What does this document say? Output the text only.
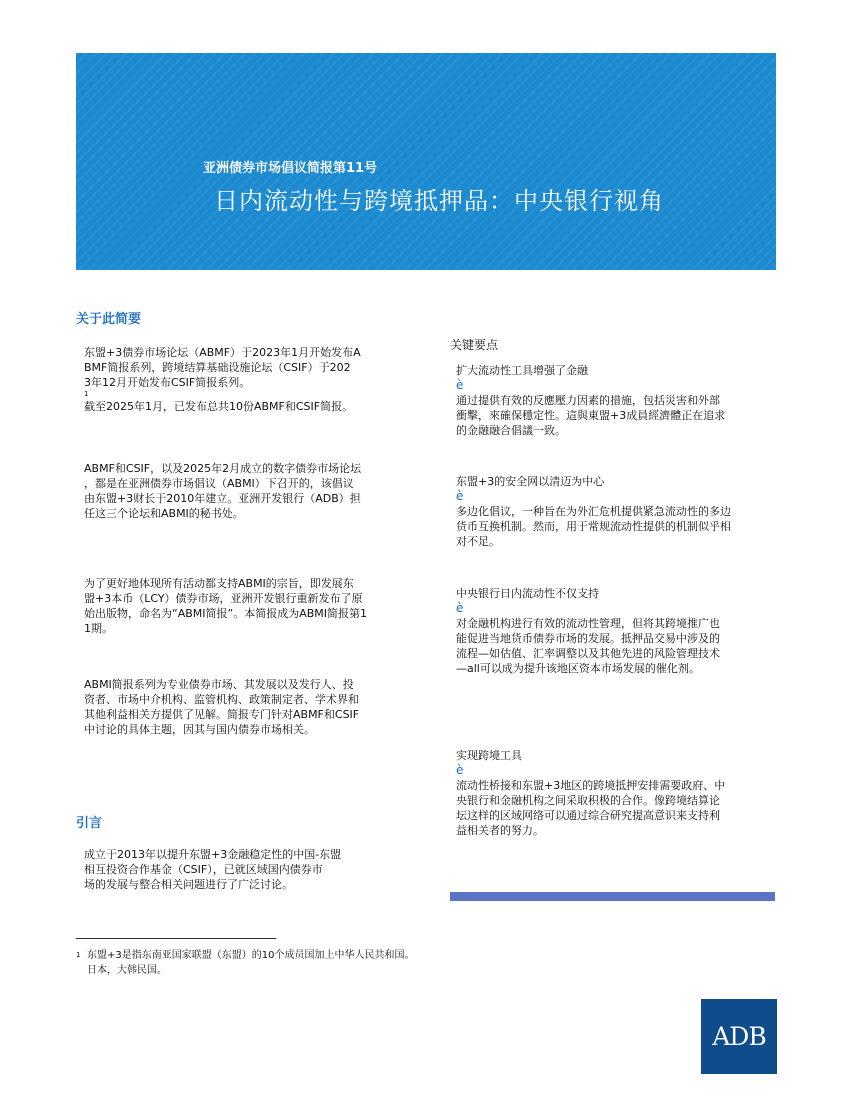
亚洲债券市场倡议简报第11号
日内流动性与跨境抵押品：中央银行视角
2025年6月
关于此简要

东盟+3债券市场论坛（ABMF）于2023年1月开始发布A

BMF简报系列，跨境结算基础设施论坛（CSIF）于202

3年12月开始发布CSIF简报系列。

1

截至2025年1月，已发布总共10份ABMF和CSIF简报。

ABMF和CSIF，以及2025年2月成立的数字债券市场论坛

，都是在亚洲债券市场倡议（ABMI）下召开的，该倡议

由东盟+3财长于2010年建立。亚洲开发银行（ADB）担

任这三个论坛和ABMI的秘书处。

为了更好地体现所有活动都支持ABMI的宗旨，即发展东

盟+3本币（LCY）债券市场，亚洲开发银行重新发布了原

始出版物，命名为“ABMI简报”。本简报成为ABMI简报第1

1期。

ABMI简报系列为专业债券市场、其发展以及发行人、投

资者、市场中介机构、监管机构、政策制定者、学术界和

其他利益相关方提供了见解。简报专门针对ABMF和CSIF

中讨论的具体主题，因其与国内债券市场相关。

引言

成立于2013年以提升东盟+3金融稳定性的中国-东盟

相互投资合作基金（CSIF），已就区域国内债券市

场的发展与整合相关问题进行了广泛讨论。

关键要点

扩大流动性工具增强了金融

è

通过提供有效的反應壓力因素的措施，包括災害和外部

衝擊，來確保穩定性。這與東盟+3成員經濟體正在追求

的金融融合倡議一致。

东盟+3的安全网以清迈为中心

è

多边化倡议，一种旨在为外汇危机提供紧急流动性的多边

货币互换机制。然而，用于常规流动性提供的机制似乎相

对不足。

中央银行日内流动性不仅支持

è

对金融机构进行有效的流动性管理，但将其跨境推广也

能促进当地货币债券市场的发展。抵押品交易中涉及的

流程—如估值、汇率调整以及其他先进的风险管理技术

—all可以成为提升该地区资本市场发展的催化剂。

实现跨境工具

è

流动性桥接和东盟+3地区的跨境抵押安排需要政府、中

央银行和金融机构之间采取积极的合作。像跨境结算论

坛这样的区域网络可以通过综合研究提高意识来支持利

益相关者的努力。

1 东盟+3是指东南亚国家联盟（东盟）的10个成员国加上中华人民共和国。
日本，大韩民国。
ADB
